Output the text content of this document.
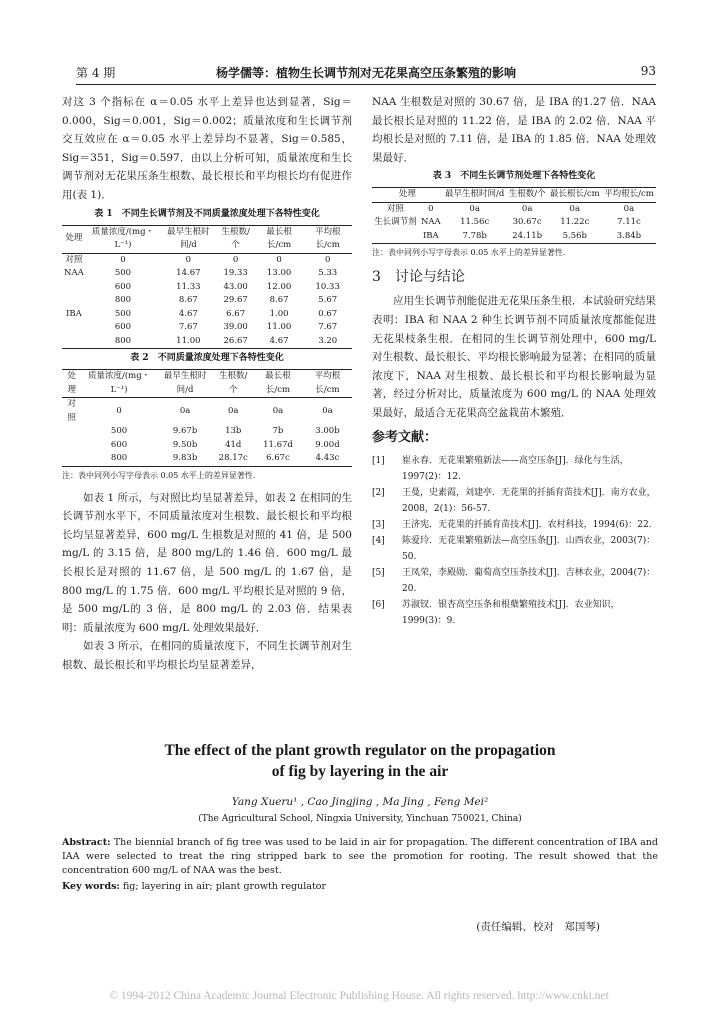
第 4 期	杨学儒等：植物生长调节剂对无花果高空压条繁殖的影响	93

对这 3 个指标在 α＝0.05 水平上差异也达到显著，Sig＝0.000，Sig＝0.001，Sig＝0.002；质量浓度和生长调节剂交互效应在 α＝0.05 水平上差异均不显著，Sig＝0.585，Sig＝351，Sig＝0.597．由以上分析可知，质量浓度和生长调节剂对无花果压条生根数、最长根长和平均根长均有促进作用(表 1)．

表 1　不同生长调节剂及不同质量浓度处理下各特性变化
处理	质量浓度/(mg・L⁻¹)	最早生根时间/d	生根数/个	最长根长/cm	平均根长/cm
对照	0	0	0	0	0
NAA	500	14.67	19.33	13.00	5.33
	600	11.33	43.00	12.00	10.33
	800	8.67	29.67	8.67	5.67
IBA	500	4.67	6.67	1.00	0.67
	600	7.67	39.00	11.00	7.67
	800	11.00	26.67	4.67	3.20
表 2　不同质量浓度处理下各特性变化
处理	质量浓度/(mg・L⁻¹)	最早生根时间/d	生根数/个	最长根长/cm	平均根长/cm
对照	0	0a	0a	0a	0a
	500	9.67b	13b	7b	3.00b
	600	9.50b	41d	11.67d	9.00d
	800	9.83b	28.17c	6.67c	4.43c
注：表中同列小写字母表示 0.05 水平上的差异显著性.

如表 1 所示，与对照比均呈显著差异，如表 2 在相同的生长调节剂水平下，不同质量浓度对生根数、最长根长和平均根长均呈显著差异，600 mg/L 生根数是对照的 41 倍，是 500 mg/L 的 3.15 倍，是 800 mg/L的 1.46 倍．600 mg/L 最长根长是对照的 11.67 倍，是 500 mg/L 的 1.67 倍，是 800 mg/L 的 1.75 倍．600 mg/L 平均根长是对照的 9 倍，是 500 mg/L的 3 倍，是 800 mg/L 的 2.03 倍．结果表明：质量浓度为 600 mg/L 处理效果最好．

如表 3 所示，在相同的质量浓度下，不同生长调节剂对生根数、最长根长和平均根长均呈显著差异，

NAA 生根数是对照的 30.67 倍，是 IBA 的1.27 倍．NAA 最长根长是对照的 11.22 倍，是 IBA 的 2.02 倍．NAA 平均根长是对照的 7.11 倍，是 IBA 的 1.85 倍．NAA 处理效果最好．

表 3　不同生长调节剂处理下各特性变化
处理		最早生根时间/d	生根数/个	最长根长/cm	平均根长/cm
对照	0	0a	0a	0a	0a
生长调节剂	NAA	11.56c	30.67c	11.22c	7.11c
	IBA	7.78b	24.11b	5.56b	3.84b
注：表中同列小写字母表示 0.05 水平上的差异显著性.
3　讨论与结论

应用生长调节剂能促进无花果压条生根．本试验研究结果表明：IBA 和 NAA 2 种生长调节剂不同质量浓度都能促进无花果枝条生根．在相同的生长调节剂处理中，600 mg/L 对生根数、最长根长、平均根长影响最为显著；在相同的质量浓度下，NAA 对生根数、最长根长和平均根长影响最为显著，经过分析对比，质量浓度为 600 mg/L 的 NAA 处理效果最好，最适合无花果高空盆栽苗木繁殖．

参考文献：
[1] 崔永春．无花果繁殖新法——高空压条[J]．绿化与生活，1997(2)：12.
[2] 王曼，史素霞，刘建亭．无花果的扦插育苗技术[J]．南方农业，2008，2(1)：56-57.
[3] 王济宪．无花果的扦插育苗技术[J]．农村科技，1994(6)：22.
[4] 陈爱玲．无花果繁殖新法—高空压条[J]．山西农业，2003(7)：50.
[5] 王凤荣，李殿勋．葡萄高空压条技术[J]．吉林农业，2004(7)：20.
[6] 苏淑钗．银杏高空压条和根蘖繁殖技术[J]．农业知识，1999(3)：9.
The effect of the plant growth regulator on the propagation
of fig by layering in the air
Yang Xueru¹ , Cao Jingjing , Ma Jing , Feng Mei²
(The Agricultural School, Ningxia University, Yinchuan 750021, China)
Abstract: The biennial branch of fig tree was used to be laid in air for propagation. The different concentration of IBA and IAA were selected to treat the ring stripped bark to see the promotion for rooting. The result showed that the concentration 600 mg/L of NAA was the best.
Key words: fig; layering in air; plant growth regulator
(责任编辑、校对　郑国琴)
© 1994-2012 China Academic Journal Electronic Publishing House. All rights reserved. http://www.cnki.net
